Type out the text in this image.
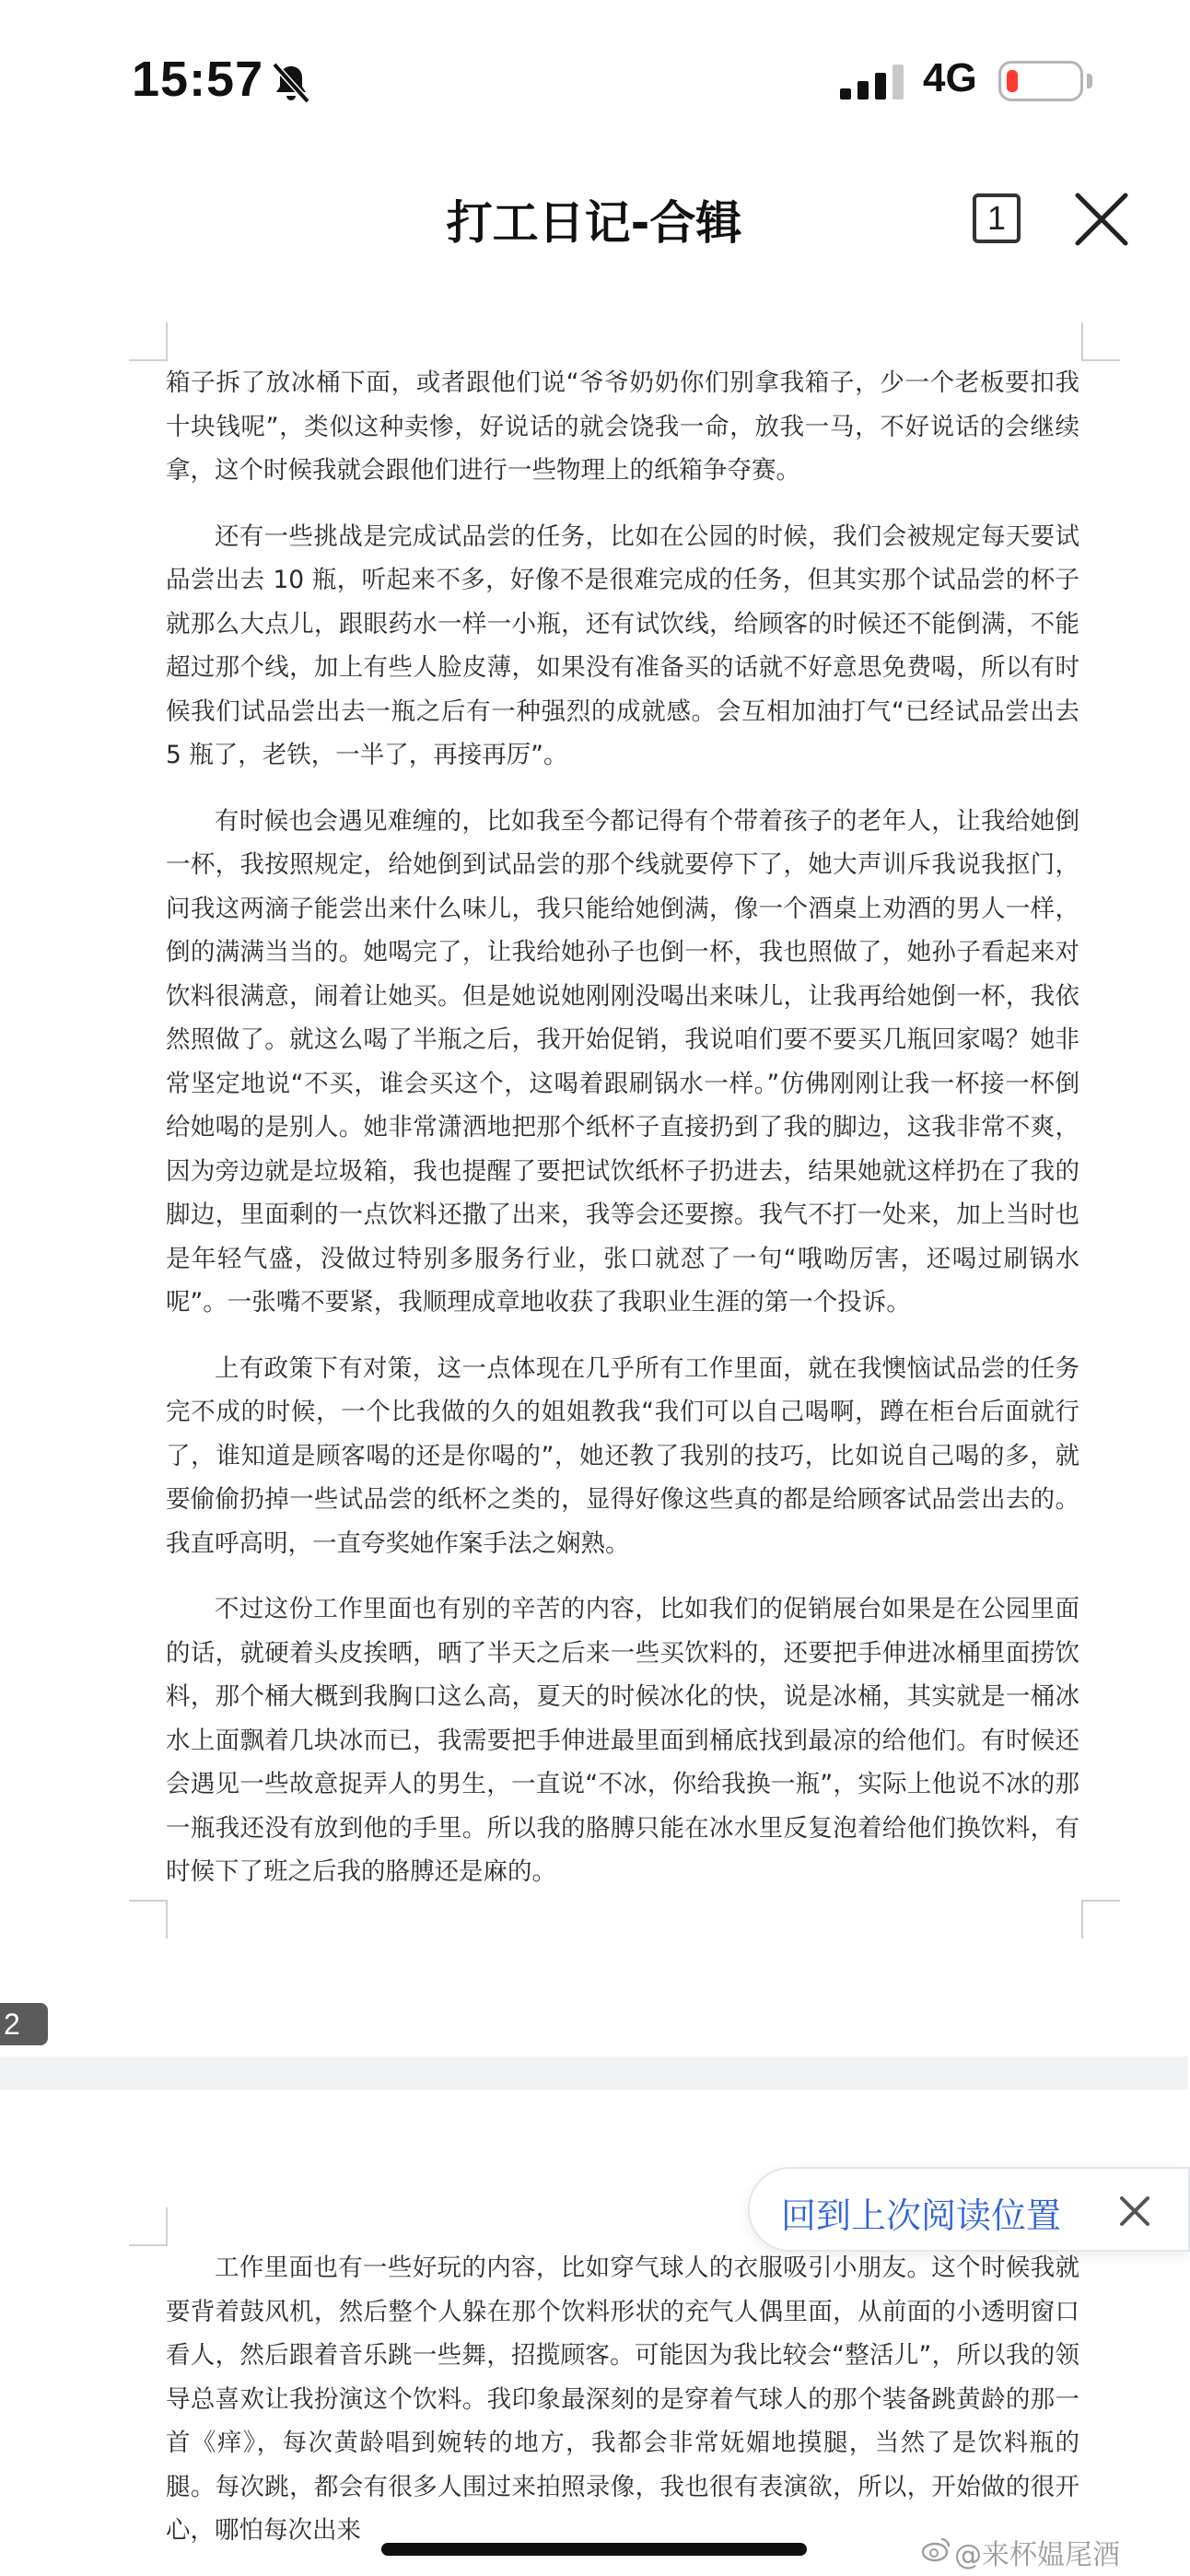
15:57	4G
打工日记-合辑	1

箱子拆了放冰桶下面，或者跟他们说“爷爷奶奶你们别拿我箱子，少一个老板要扣我十块钱呢”，类似这种卖惨，好说话的就会饶我一命，放我一马，不好说话的会继续拿，这个时候我就会跟他们进行一些物理上的纸箱争夺赛。

还有一些挑战是完成试品尝的任务，比如在公园的时候，我们会被规定每天要试品尝出去 10 瓶，听起来不多，好像不是很难完成的任务，但其实那个试品尝的杯子就那么大点儿，跟眼药水一样一小瓶，还有试饮线，给顾客的时候还不能倒满，不能超过那个线，加上有些人脸皮薄，如果没有准备买的话就不好意思免费喝，所以有时候我们试品尝出去一瓶之后有一种强烈的成就感。会互相加油打气“已经试品尝出去 5 瓶了，老铁，一半了，再接再厉”。

有时候也会遇见难缠的，比如我至今都记得有个带着孩子的老年人，让我给她倒一杯，我按照规定，给她倒到试品尝的那个线就要停下了，她大声训斥我说我抠门，问我这两滴子能尝出来什么味儿，我只能给她倒满，像一个酒桌上劝酒的男人一样，倒的满满当当的。她喝完了，让我给她孙子也倒一杯，我也照做了，她孙子看起来对饮料很满意，闹着让她买。但是她说她刚刚没喝出来味儿，让我再给她倒一杯，我依然照做了。就这么喝了半瓶之后，我开始促销，我说咱们要不要买几瓶回家喝？她非常坚定地说“不买，谁会买这个，这喝着跟刷锅水一样。”仿佛刚刚让我一杯接一杯倒给她喝的是别人。她非常潇洒地把那个纸杯子直接扔到了我的脚边，这我非常不爽，因为旁边就是垃圾箱，我也提醒了要把试饮纸杯子扔进去，结果她就这样扔在了我的脚边，里面剩的一点饮料还撒了出来，我等会还要擦。我气不打一处来，加上当时也是年轻气盛，没做过特别多服务行业，张口就怼了一句“哦呦厉害，还喝过刷锅水呢”。一张嘴不要紧，我顺理成章地收获了我职业生涯的第一个投诉。

上有政策下有对策，这一点体现在几乎所有工作里面，就在我懊恼试品尝的任务完不成的时候，一个比我做的久的姐姐教我“我们可以自己喝啊，蹲在柜台后面就行了，谁知道是顾客喝的还是你喝的”，她还教了我别的技巧，比如说自己喝的多，就要偷偷扔掉一些试品尝的纸杯之类的，显得好像这些真的都是给顾客试品尝出去的。我直呼高明，一直夸奖她作案手法之娴熟。

不过这份工作里面也有别的辛苦的内容，比如我们的促销展台如果是在公园里面的话，就硬着头皮挨晒，晒了半天之后来一些买饮料的，还要把手伸进冰桶里面捞饮料，那个桶大概到我胸口这么高，夏天的时候冰化的快，说是冰桶，其实就是一桶冰水上面飘着几块冰而已，我需要把手伸进最里面到桶底找到最凉的给他们。有时候还会遇见一些故意捉弄人的男生，一直说“不冰，你给我换一瓶”，实际上他说不冰的那一瓶我还没有放到他的手里。所以我的胳膊只能在冰水里反复泡着给他们换饮料，有时候下了班之后我的胳膊还是麻的。

2

工作里面也有一些好玩的内容，比如穿气球人的衣服吸引小朋友。这个时候我就要背着鼓风机，然后整个人躲在那个饮料形状的充气人偶里面，从前面的小透明窗口看人，然后跟着音乐跳一些舞，招揽顾客。可能因为我比较会“整活儿”，所以我的领导总喜欢让我扮演这个饮料。我印象最深刻的是穿着气球人的那个装备跳黄龄的那一首《痒》，每次黄龄唱到婉转的地方，我都会非常妩媚地摸腿，当然了是饮料瓶的腿。每次跳，都会有很多人围过来拍照录像，我也很有表演欲，所以，开始做的很开心，哪怕每次出来

回到上次阅读位置
@来杯媪尾酒
